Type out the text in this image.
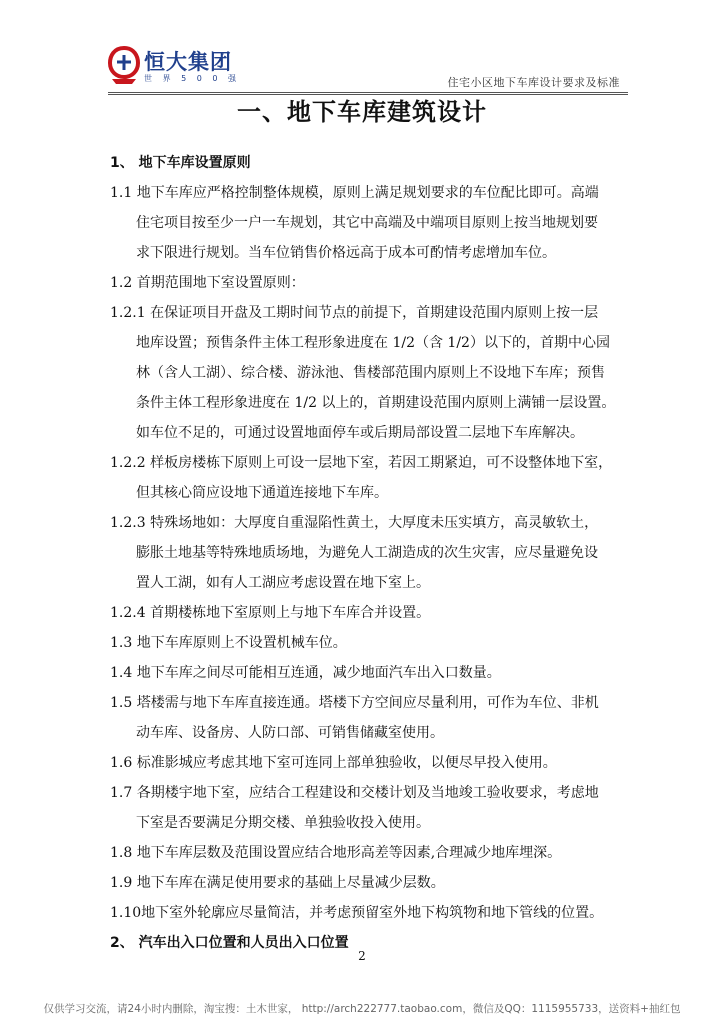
恒大集团
世 界 5 0 0 强	住宅小区地下车库设计要求及标准
一、地下车库建筑设计
1、 地下车库设置原则
1.1 地下车库应严格控制整体规模，原则上满足规划要求的车位配比即可。高端
住宅项目按至少一户一车规划，其它中高端及中端项目原则上按当地规划要
求下限进行规划。当车位销售价格远高于成本可酌情考虑增加车位。
1.2 首期范围地下室设置原则：
1.2.1 在保证项目开盘及工期时间节点的前提下，首期建设范围内原则上按一层
地库设置；预售条件主体工程形象进度在 1/2（含 1/2）以下的，首期中心园
林（含人工湖）、综合楼、游泳池、售楼部范围内原则上不设地下车库；预售
条件主体工程形象进度在 1/2 以上的，首期建设范围内原则上满铺一层设置。
如车位不足的，可通过设置地面停车或后期局部设置二层地下车库解决。
1.2.2 样板房楼栋下原则上可设一层地下室，若因工期紧迫，可不设整体地下室，
但其核心筒应设地下通道连接地下车库。
1.2.3 特殊场地如：大厚度自重湿陷性黄土，大厚度未压实填方，高灵敏软土，
膨胀土地基等特殊地质场地，为避免人工湖造成的次生灾害，应尽量避免设
置人工湖，如有人工湖应考虑设置在地下室上。
1.2.4 首期楼栋地下室原则上与地下车库合并设置。
1.3 地下车库原则上不设置机械车位。
1.4 地下车库之间尽可能相互连通，减少地面汽车出入口数量。
1.5 塔楼需与地下车库直接连通。塔楼下方空间应尽量利用，可作为车位、非机
动车库、设备房、人防口部、可销售储藏室使用。
1.6 标准影城应考虑其地下室可连同上部单独验收，以便尽早投入使用。
1.7 各期楼宇地下室，应结合工程建设和交楼计划及当地竣工验收要求，考虑地
下室是否要满足分期交楼、单独验收投入使用。
1.8 地下车库层数及范围设置应结合地形高差等因素,合理减少地库埋深。
1.9 地下车库在满足使用要求的基础上尽量减少层数。
1.10地下室外轮廓应尽量简洁，并考虑预留室外地下构筑物和地下管线的位置。
2、 汽车出入口位置和人员出入口位置
2
仅供学习交流，请24小时内删除，淘宝搜：土木世家， http://arch222777.taobao.com，微信及QQ：1115955733，送资料+抽红包
